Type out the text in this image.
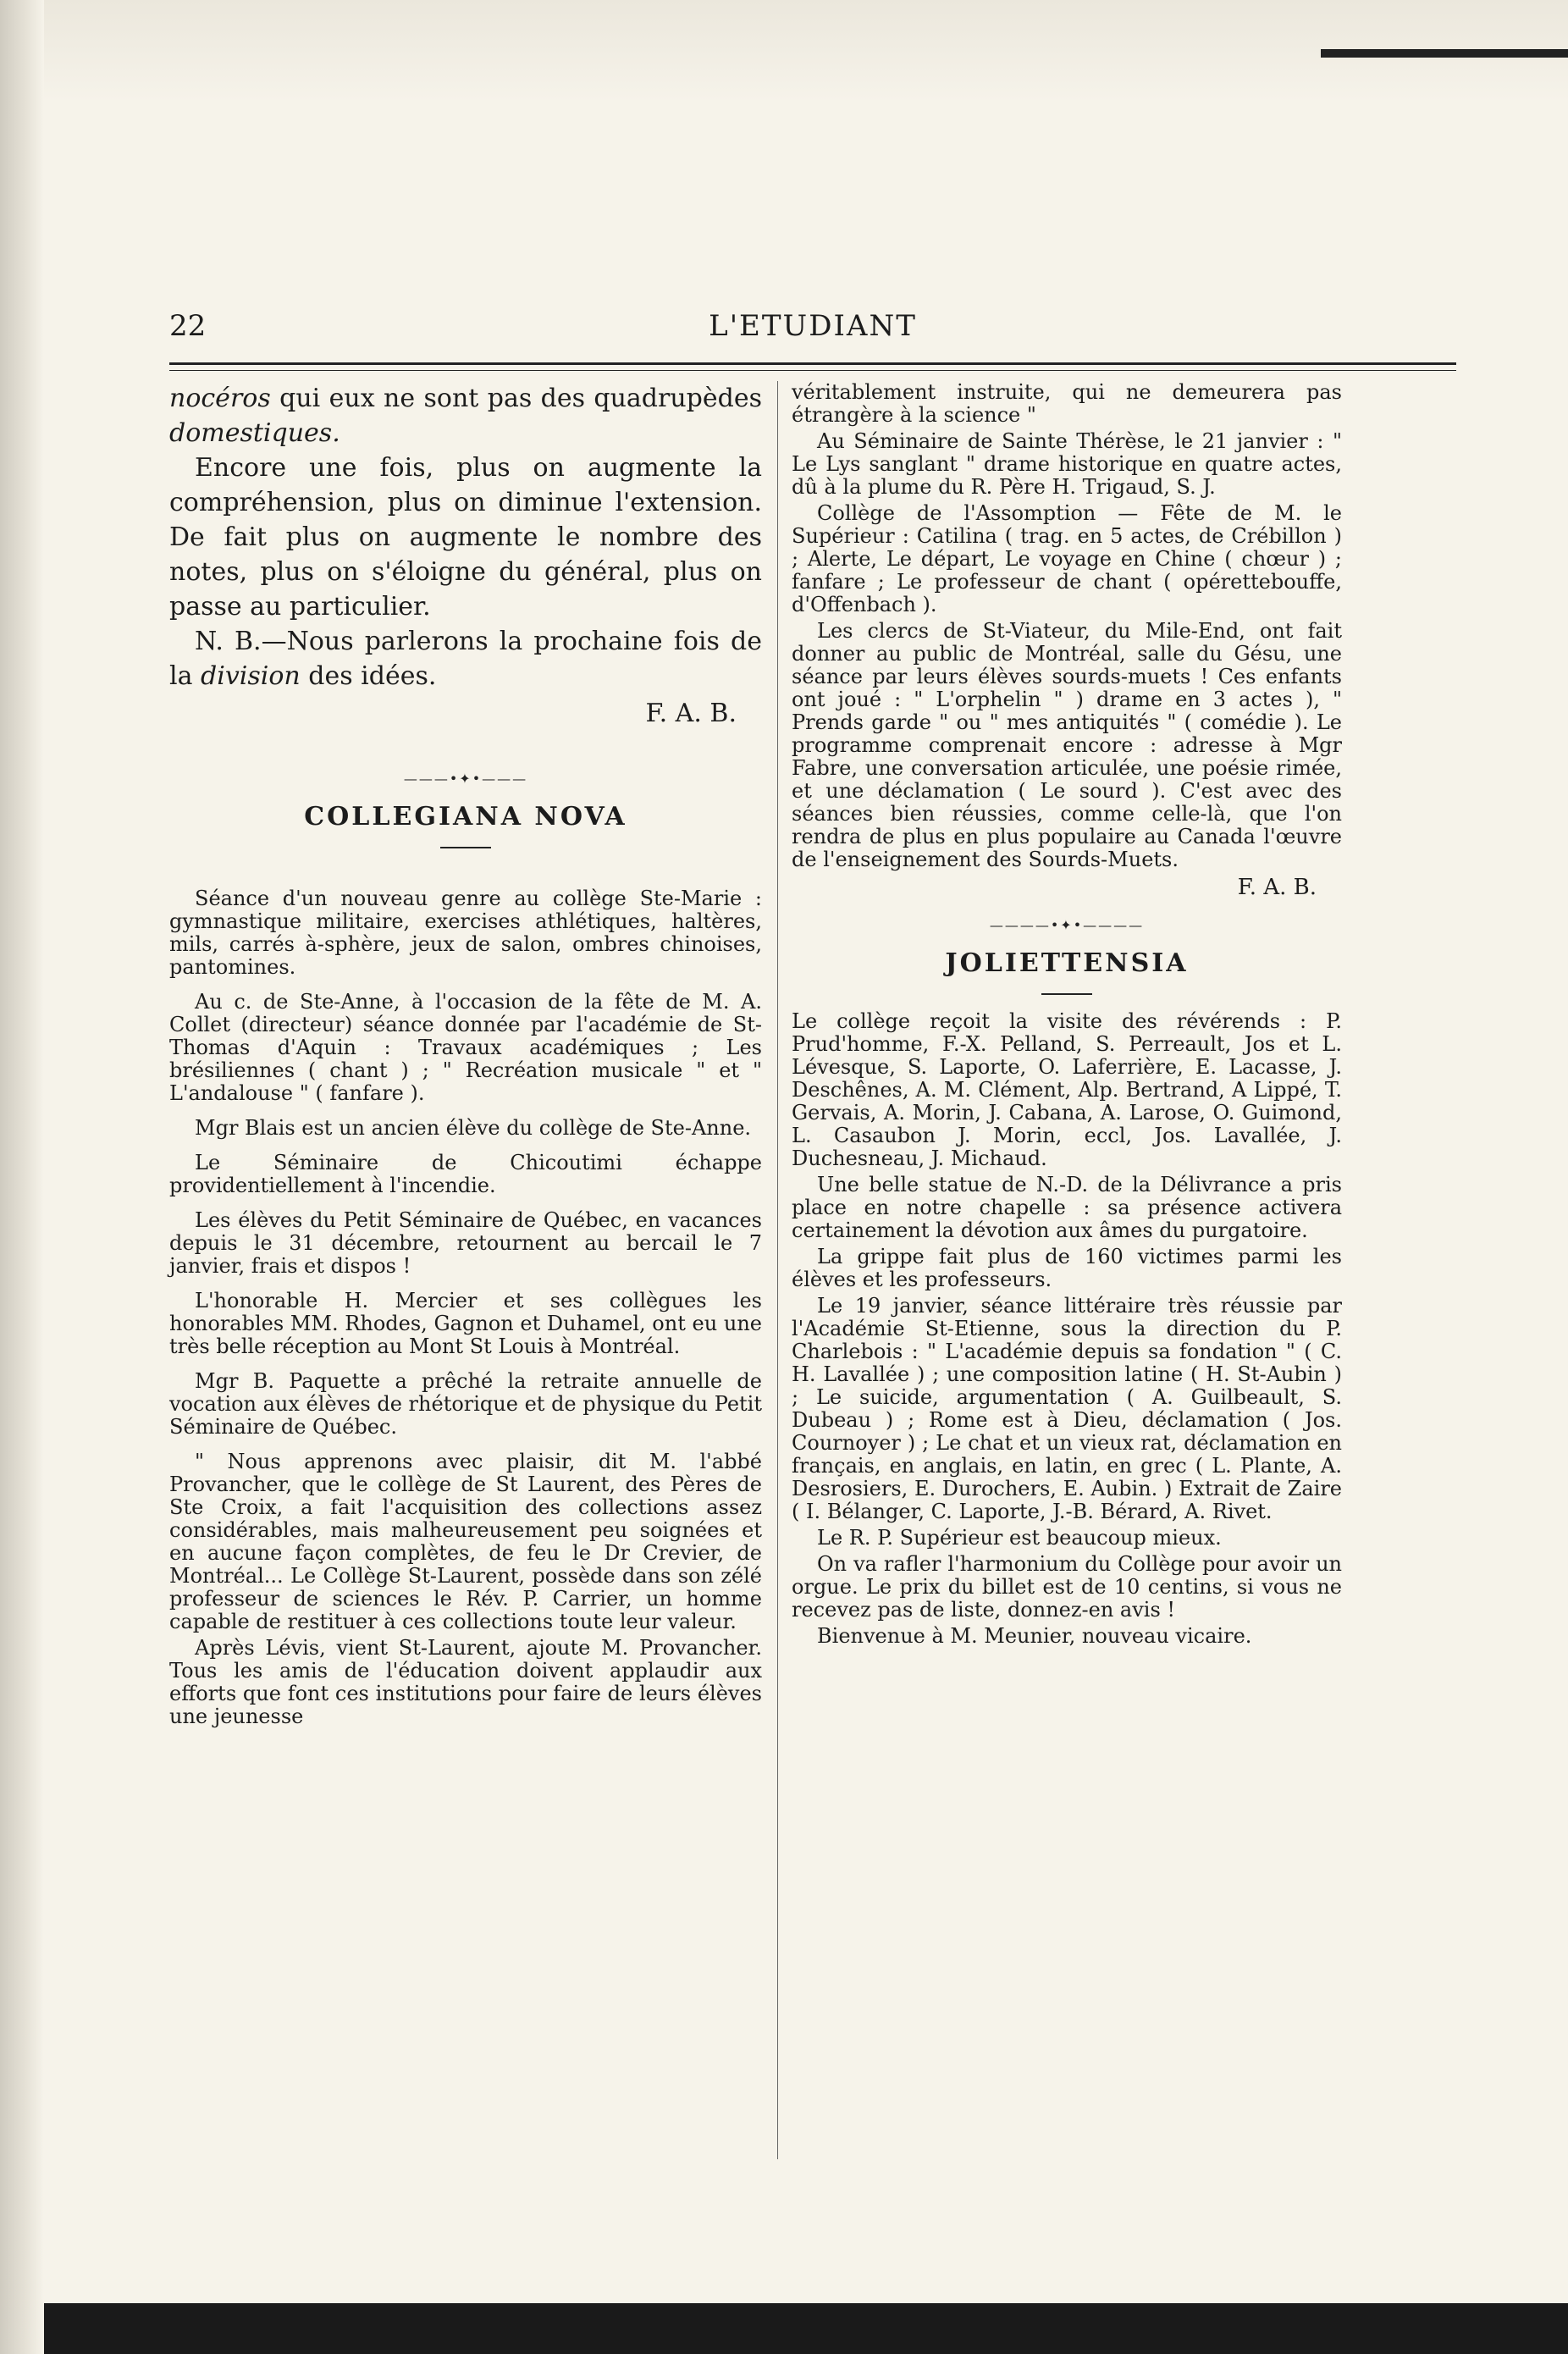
L'ETUDIANT
22

nocéros qui eux ne sont pas des quadrupèdes domestiques.

Encore une fois, plus on augmente la compréhension, plus on diminue l'extension. De fait plus on augmente le nombre des notes, plus on s'éloigne du général, plus on passe au particulier.

N. B.—Nous parlerons la prochaine fois de la division des idées.

F. A. B.
———•✦•———
COLLEGIANA NOVA

Séance d'un nouveau genre au collège Ste-Marie : gymnastique militaire, exercises athlétiques, haltères, mils, carrés à-sphère, jeux de salon, ombres chinoises, pantomines.

Au c. de Ste-Anne, à l'occasion de la fête de M. A. Collet (directeur) séance donnée par l'académie de St-Thomas d'Aquin : Travaux académiques ; Les brésiliennes ( chant ) ; " Recréation musicale " et " L'andalouse " ( fanfare ).

Mgr Blais est un ancien élève du collège de Ste-Anne.

Le Séminaire de Chicoutimi échappe providentiellement à l'incendie.

Les élèves du Petit Séminaire de Québec, en vacances depuis le 31 décembre, retournent au bercail le 7 janvier, frais et dispos !

L'honorable H. Mercier et ses collègues les honorables MM. Rhodes, Gagnon et Duhamel, ont eu une très belle réception au Mont St Louis à Montréal.

Mgr B. Paquette a prêché la retraite annuelle de vocation aux élèves de rhétorique et de physique du Petit Séminaire de Québec.

" Nous apprenons avec plaisir, dit M. l'abbé Provancher, que le collège de St Laurent, des Pères de Ste Croix, a fait l'acquisition des collections assez considérables, mais malheureusement peu soignées et en aucune façon complètes, de feu le Dr Crevier, de Montréal... Le Collège St-Laurent, possède dans son zélé professeur de sciences le Rév. P. Carrier, un homme capable de restituer à ces collections toute leur valeur.

Après Lévis, vient St-Laurent, ajoute M. Provancher. Tous les amis de l'éducation doivent applaudir aux efforts que font ces institutions pour faire de leurs élèves une jeunesse

véritablement instruite, qui ne demeurera pas étrangère à la science "

Au Séminaire de Sainte Thérèse, le 21 janvier : " Le Lys sanglant " drame historique en quatre actes, dû à la plume du R. Père H. Trigaud, S. J.

Collège de l'Assomption — Fête de M. le Supérieur : Catilina ( trag. en 5 actes, de Crébillon ) ; Alerte, Le départ, Le voyage en Chine ( chœur ) ; fanfare ; Le professeur de chant ( opérettebouffe, d'Offenbach ).

Les clercs de St-Viateur, du Mile-End, ont fait donner au public de Montréal, salle du Gésu, une séance par leurs élèves sourds-muets ! Ces enfants ont joué : " L'orphelin " ) drame en 3 actes ), " Prends garde " ou " mes antiquités " ( comédie ). Le programme comprenait encore : adresse à Mgr Fabre, une conversation articulée, une poésie rimée, et une déclamation ( Le sourd ). C'est avec des séances bien réussies, comme celle-là, que l'on rendra de plus en plus populaire au Canada l'œuvre de l'enseignement des Sourds-Muets.

F. A. B.
————•✦•————
JOLIETTENSIA

Le collège reçoit la visite des révérends : P. Prud'homme, F.-X. Pelland, S. Perreault, Jos et L. Lévesque, S. Laporte, O. Laferrière, E. Lacasse, J. Deschênes, A. M. Clément, Alp. Bertrand, A Lippé, T. Gervais, A. Morin, J. Cabana, A. Larose, O. Guimond, L. Casaubon J. Morin, eccl, Jos. Lavallée, J. Duchesneau, J. Michaud.

Une belle statue de N.-D. de la Délivrance a pris place en notre chapelle : sa présence activera certainement la dévotion aux âmes du purgatoire.

La grippe fait plus de 160 victimes parmi les élèves et les professeurs.

Le 19 janvier, séance littéraire très réussie par l'Académie St-Etienne, sous la direction du P. Charlebois : " L'académie depuis sa fondation " ( C. H. Lavallée ) ; une composition latine ( H. St-Aubin ) ; Le suicide, argumentation ( A. Guilbeault, S. Dubeau ) ; Rome est à Dieu, déclamation ( Jos. Cournoyer ) ; Le chat et un vieux rat, déclamation en français, en anglais, en latin, en grec ( L. Plante, A. Desrosiers, E. Durochers, E. Aubin. ) Extrait de Zaire ( I. Bélanger, C. Laporte, J.-B. Bérard, A. Rivet.

Le R. P. Supérieur est beaucoup mieux.

On va rafler l'harmonium du Collège pour avoir un orgue. Le prix du billet est de 10 centins, si vous ne recevez pas de liste, donnez-en avis !

Bienvenue à M. Meunier, nouveau vicaire.
